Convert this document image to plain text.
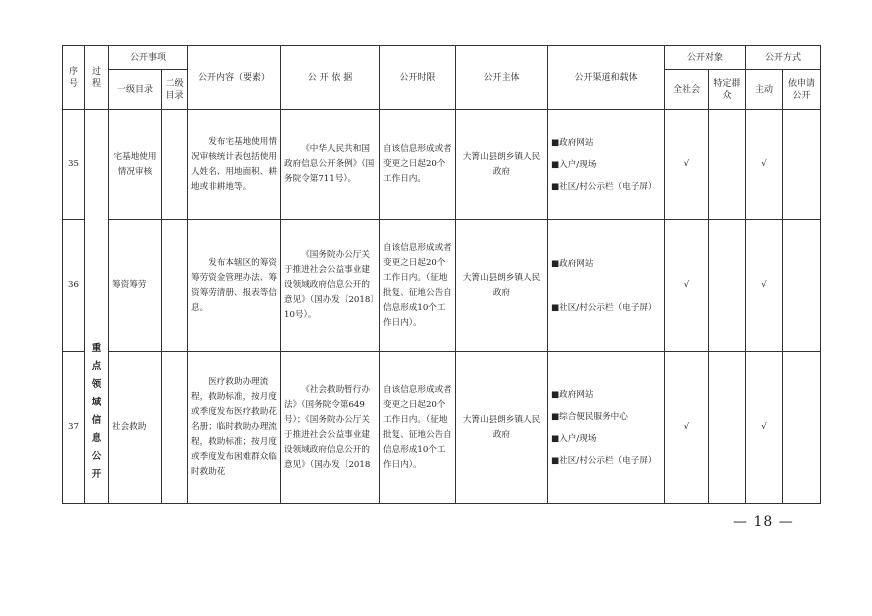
序号	过程	公开事项		公开内容（要素）	公 开 依 据	公开时限	公开主体	公开渠道和载体	公开对象		公开方式	
		一级目录	二级目录						全社会	特定群众	主动	依申请公开
35	重点领域信息公开	宅基地使用情况审核		发布宅基地使用情况审核统计表包括使用人姓名、用地面积、耕地或非耕地等。	《中华人民共和国政府信息公开条例》（国务院令第711号）。	自该信息形成或者变更之日起20个工作日内。	大箐山县朗乡镇人民政府	■政府网站
■入户/现场
■社区/村公示栏（电子屏）	√		√	
36		筹资筹劳		发布本辖区的筹资筹劳资金管理办法、筹资筹劳清册、报表等信息。	《国务院办公厅关于推进社会公益事业建设领域政府信息公开的意见》（国办发〔2018〕10号）。	自该信息形成或者变更之日起20个工作日内。（征地批复、征地公告自信息形成10个工作日内）。	大箐山县朗乡镇人民政府	■政府网站
■社区/村公示栏（电子屏）	√		√	
37		社会救助		医疗救助办理流程，救助标准，按月度或季度发布医疗救助花名册；临时救助办理流程，救助标准；按月度或季度发布困难群众临时救助花	《社会救助暂行办法》（国务院令第649号）；《国务院办公厅关于推进社会公益事业建设领域政府信息公开的意见》（国办发〔2018	自该信息形成或者变更之日起20个工作日内。（征地批复、征地公告自信息形成10个工作日内）。	大箐山县朗乡镇人民政府	■政府网站
■综合便民服务中心
■入户/现场
■社区/村公示栏（电子屏）	√		√	
— 18 —
